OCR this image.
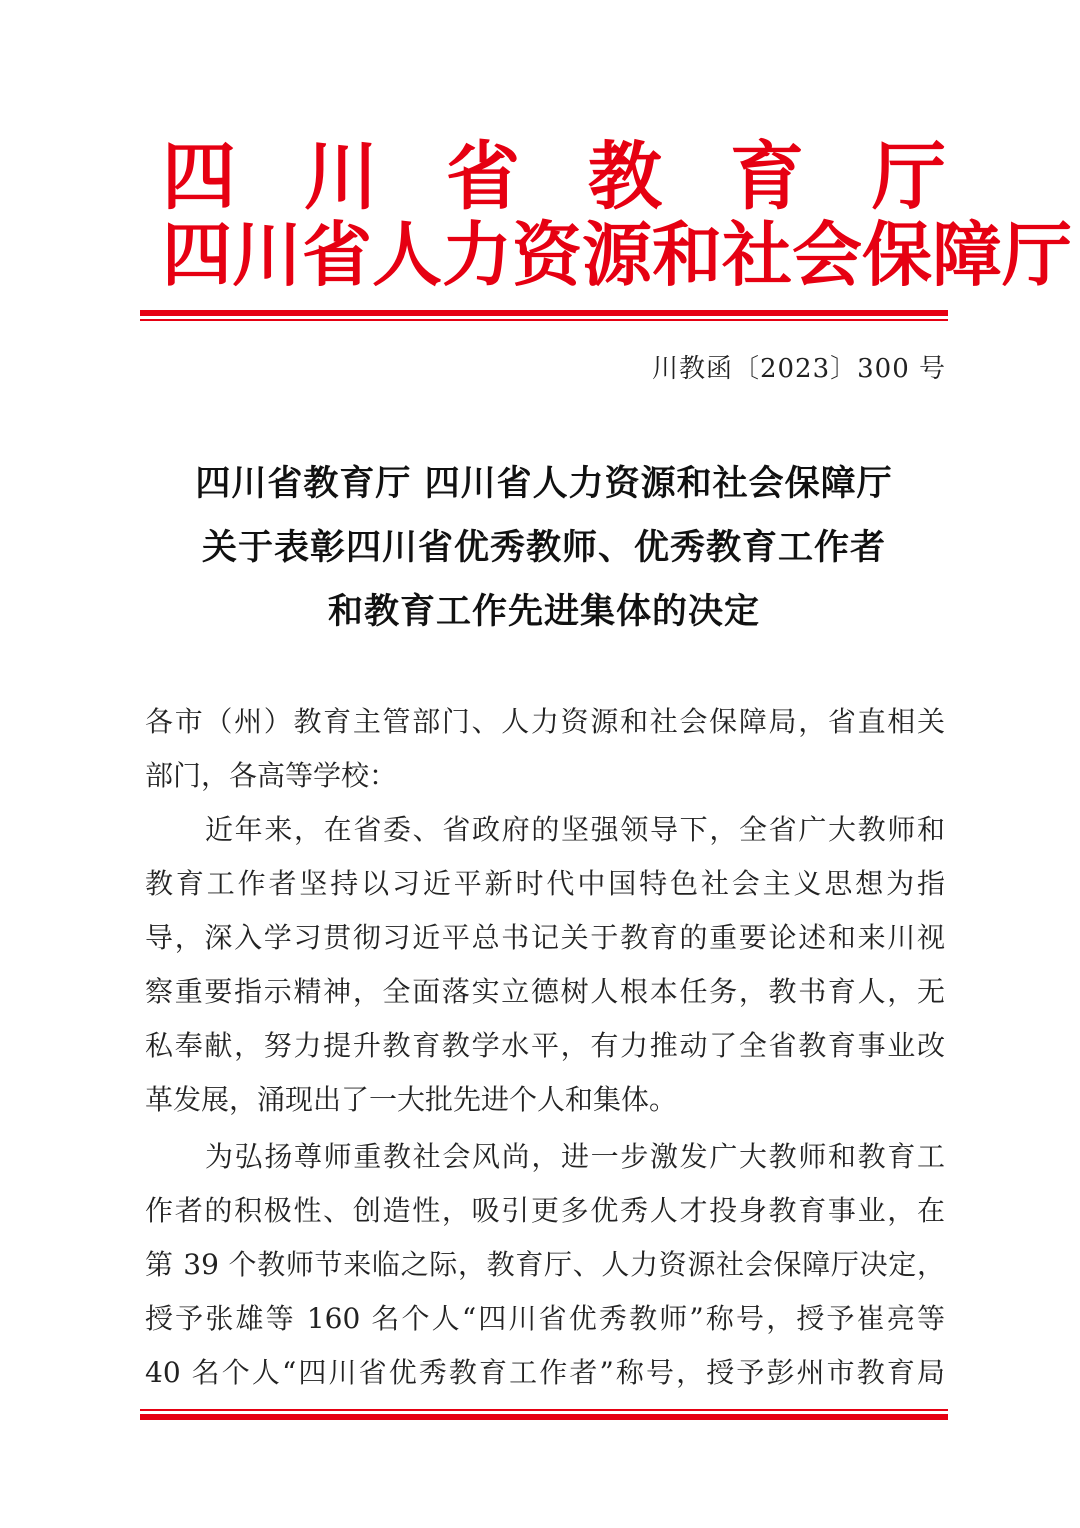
四 川 省 教 育 厅
四 川 省 人 力 资 源 和 社 会 保 障 厅
川教函〔2023〕300 号
四川省教育厅 四川省人力资源和社会保障厅
关于表彰四川省优秀教师、优秀教育工作者
和教育工作先进集体的决定
各市（州）教育主管部门、人力资源和社会保障局，省直相关
部门，各高等学校：
近年来，在省委、省政府的坚强领导下，全省广大教师和
教育工作者坚持以习近平新时代中国特色社会主义思想为指
导，深入学习贯彻习近平总书记关于教育的重要论述和来川视
察重要指示精神，全面落实立德树人根本任务，教书育人，无
私奉献，努力提升教育教学水平，有力推动了全省教育事业改
革发展，涌现出了一大批先进个人和集体。
为弘扬尊师重教社会风尚，进一步激发广大教师和教育工
作者的积极性、创造性，吸引更多优秀人才投身教育事业，在
第 39 个教师节来临之际，教育厅、人力资源社会保障厅决定，
授予张雄等 160 名个人“四川省优秀教师”称号，授予崔亮等
40 名个人“四川省优秀教育工作者”称号，授予彭州市教育局
